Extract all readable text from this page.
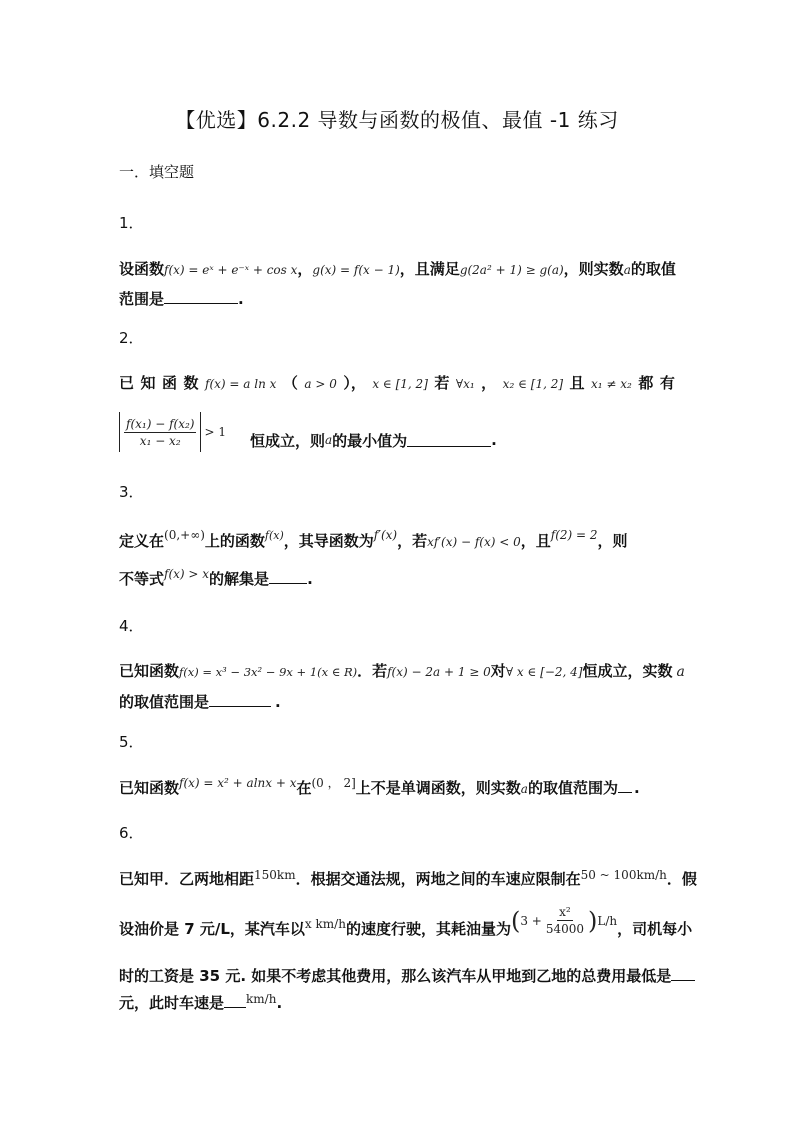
【优选】6.2.2 导数与函数的极值、最值 -1 练习
一．填空题
1．
设函数f(x) = eˣ + e⁻ˣ + cos x，g(x) = f(x − 1)，且满足g(2a² + 1) ≥ g(a)，则实数a的取值
范围是	.
2．
已 知 函 数 f(x) = a ln x （ a > 0 ）， x ∈ [1, 2] 若 ∀x₁ ， x₂ ∈ [1, 2] 且 x₁ ≠ x₂ 都 有
$\frac{\text{f(x₁) − f(x₂)}}{\text{x₁ − x₂}} > 1$ 恒成立，则 a 的最小值为	.
3．
定义在$^{(0,+\infty)}$上的函数$^{f(x)}$，其导函数为$^{f'(x)}$，若xf′(x) − f(x) < 0，且$^{f(2) = 2}$，则
不等式$^{f(x) > x}$的解集是	.
4．
已知函数f(x) = x³ − 3x² − 9x + 1(x ∈ R)．若f(x) − 2a + 1 ≥ 0对∀ x ∈ [−2, 4]恒成立，实数 a
的取值范围是	.
5．
已知函数$^{f(x) = x^2 + alnx + x}$在$^{(0 , 2]}$上不是单调函数，则实数a的取值范围为 .
6．
已知甲．乙两地相距$^{150km}$．根据交通法规，两地之间的车速应限制在$^{50 \sim 100km/h}$．假
设油价是 7 元/L，某汽车以 x km/h 的速度行驶，其耗油量为 ( $3 + \frac{\text{x²}}{54000}$ ) L/h ，司机每小
时的工资是 35 元. 如果不考虑其他费用，那么该汽车从甲地到乙地的总费用最低是
元，此时车速是 $^{km/h}$.
